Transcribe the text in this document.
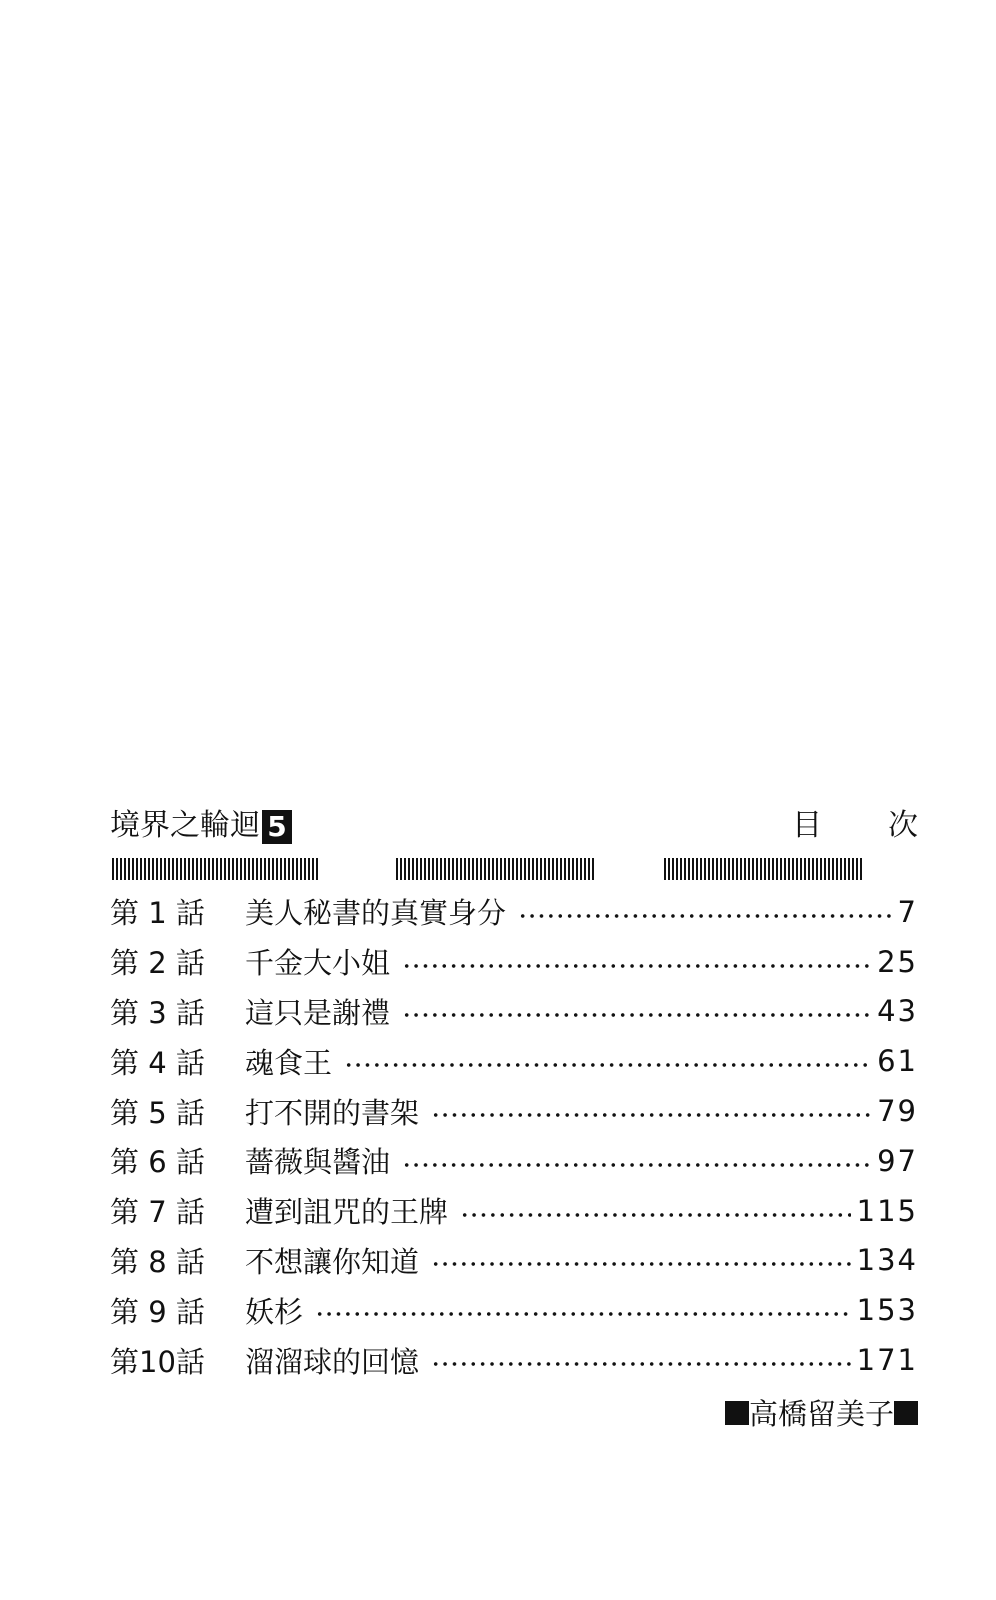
境界之輪迴 5	目 次
第 1 話	美人秘書的真實身分	7
第 2 話	千金大小姐	25
第 3 話	這只是謝禮	43
第 4 話	魂食王	61
第 5 話	打不開的書架	79
第 6 話	薔薇與醬油	97
第 7 話	遭到詛咒的王牌	115
第 8 話	不想讓你知道	134
第 9 話	妖杉	153
第10話	溜溜球的回憶	171
高橋留美子
